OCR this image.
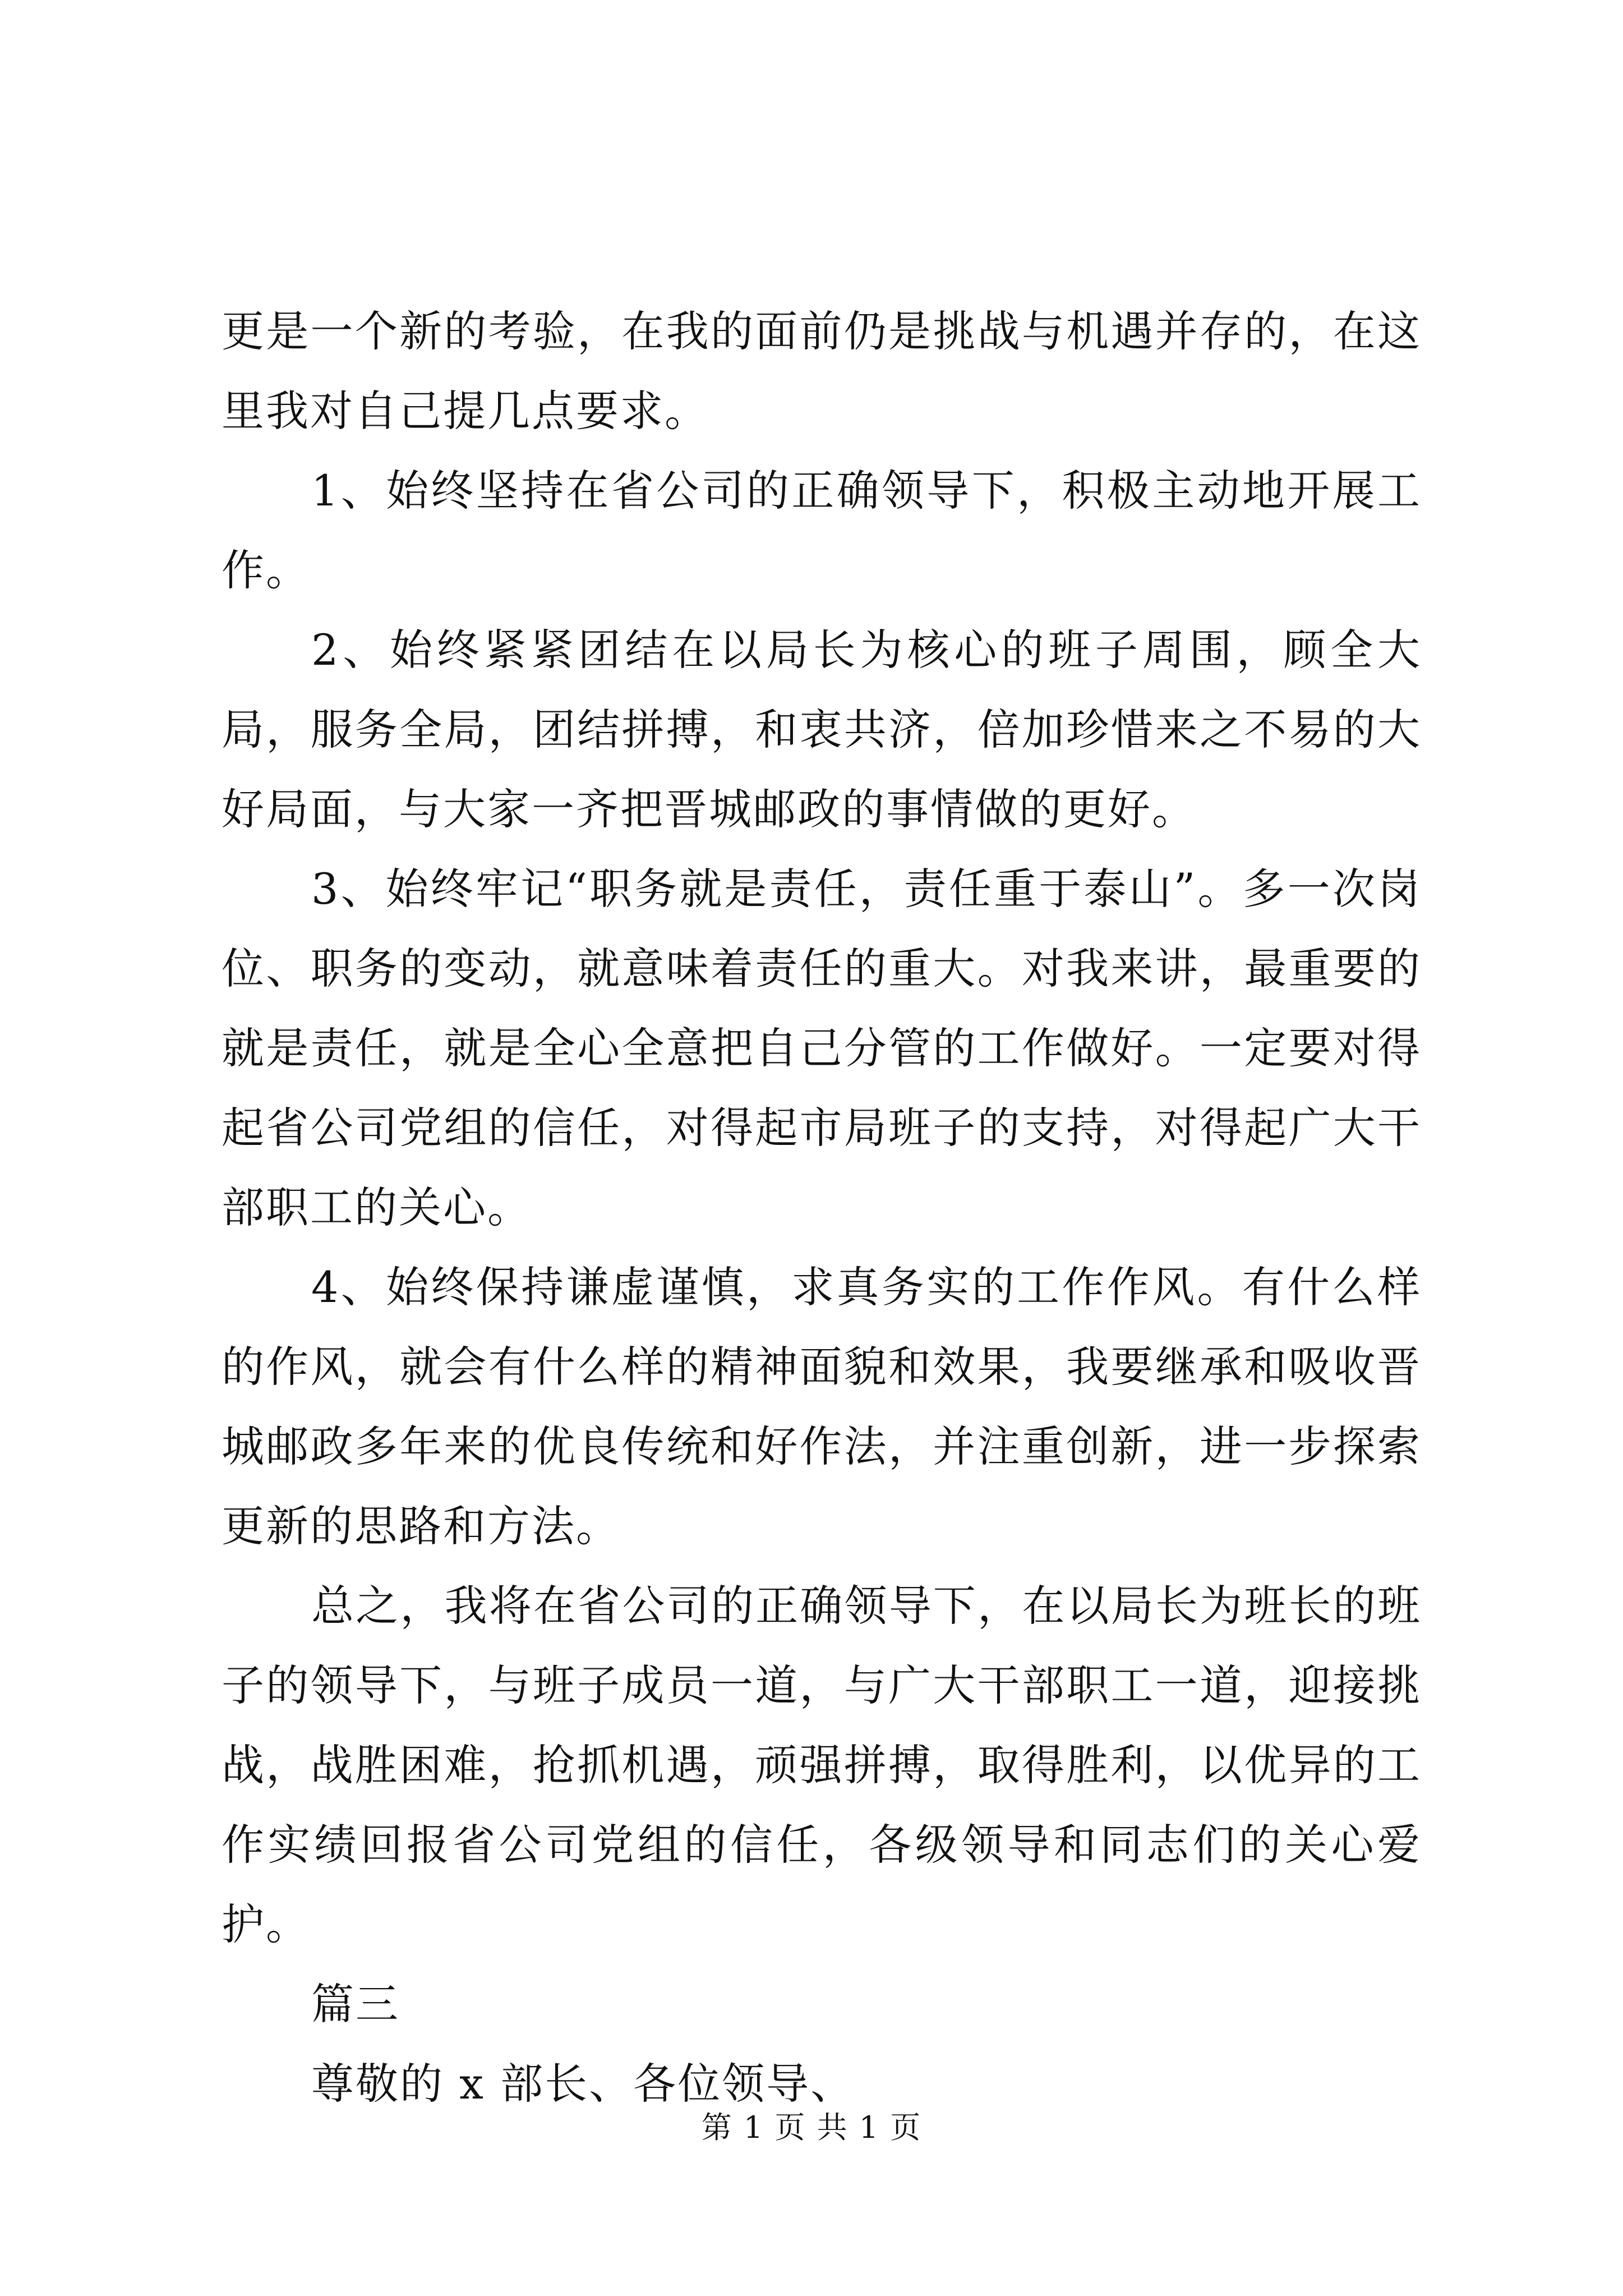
更是一个新的考验，在我的面前仍是挑战与机遇并存的，在这里我对自己提几点要求。

1、始终坚持在省公司的正确领导下，积极主动地开展工作。

2、始终紧紧团结在以局长为核心的班子周围，顾全大局，服务全局，团结拼搏，和衷共济，倍加珍惜来之不易的大好局面，与大家一齐把晋城邮政的事情做的更好。

3、始终牢记“职务就是责任，责任重于泰山”。多一次岗位、职务的变动，就意味着责任的重大。对我来讲，最重要的就是责任，就是全心全意把自己分管的工作做好。一定要对得起省公司党组的信任，对得起市局班子的支持，对得起广大干部职工的关心。

4、始终保持谦虚谨慎，求真务实的工作作风。有什么样的作风，就会有什么样的精神面貌和效果，我要继承和吸收晋城邮政多年来的优良传统和好作法，并注重创新，进一步探索更新的思路和方法。

总之，我将在省公司的正确领导下，在以局长为班长的班子的领导下，与班子成员一道，与广大干部职工一道，迎接挑战，战胜困难，抢抓机遇，顽强拼搏，取得胜利，以优异的工作实绩回报省公司党组的信任，各级领导和同志们的关心爱护。

篇三

尊敬的 x 部长、各位领导、

第 1 页 共 1 页
